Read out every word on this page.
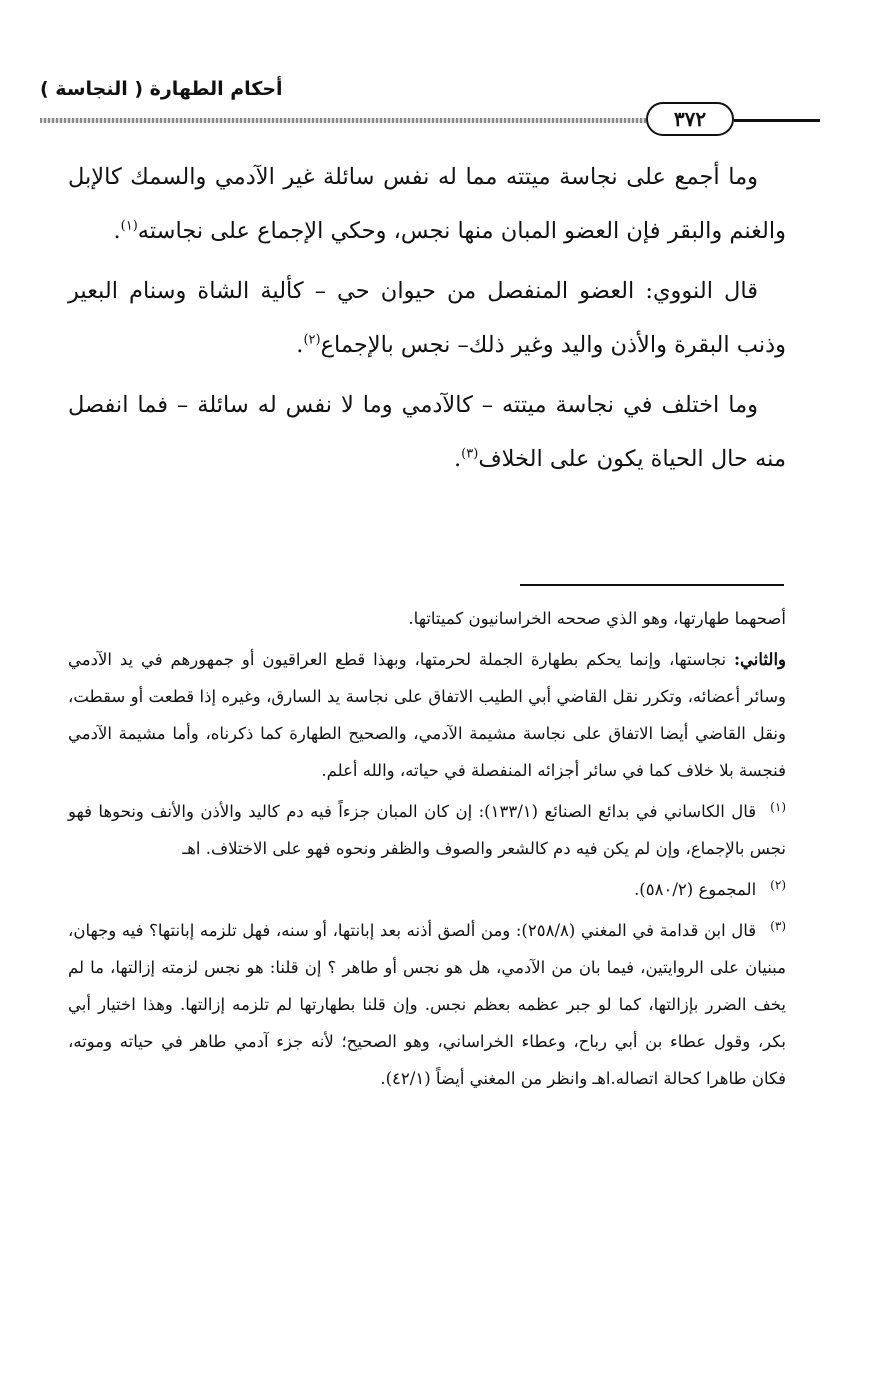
أحكام الطهارة ( النجاسة )
٣٧٢

وما أجمع على نجاسة ميتته مما له نفس سائلة غير الآدمي والسمك كالإبل والغنم والبقر فإن العضو المبان منها نجس، وحكي الإجماع على نجاسته$^{(١)}$.

قال النووي: العضو المنفصل من حيوان حي – كألية الشاة وسنام البعير وذنب البقرة والأذن واليد وغير ذلك– نجس بالإجماع$^{(٢)}$.

وما اختلف في نجاسة ميتته – كالآدمي وما لا نفس له سائلة – فما انفصل منه حال الحياة يكون على الخلاف$^{(٣)}$.

أصحهما طهارتها، وهو الذي صححه الخراسانيون كميتاتها.

والثاني: نجاستها، وإنما يحكم بطهارة الجملة لحرمتها، وبهذا قطع العراقيون أو جمهورهم في يد الآدمي وسائر أعضائه، وتكرر نقل القاضي أبي الطيب الاتفاق على نجاسة يد السارق، وغيره إذا قطعت أو سقطت، ونقل القاضي أيضا الاتفاق على نجاسة مشيمة الآدمي، والصحيح الطهارة كما ذكرناه، وأما مشيمة الآدمي فنجسة بلا خلاف كما في سائر أجزائه المنفصلة في حياته، والله أعلم.

$^{(١)}$قال الكاساني في بدائع الصنائع (١٣٣/١): إن كان المبان جزءاً فيه دم كاليد والأذن والأنف ونحوها فهو نجس بالإجماع، وإن لم يكن فيه دم كالشعر والصوف والظفر ونحوه فهو على الاختلاف. اهـ

$^{(٢)}$المجموع (٥٨٠/٢).

$^{(٣)}$قال ابن قدامة في المغني (٢٥٨/٨): ومن ألصق أذنه بعد إبانتها، أو سنه، فهل تلزمه إبانتها؟ فيه وجهان، مبنيان على الروايتين، فيما بان من الآدمي، هل هو نجس أو طاهر ؟ إن قلنا: هو نجس لزمته إزالتها، ما لم يخف الضرر بإزالتها، كما لو جبر عظمه بعظم نجس. وإن قلنا بطهارتها لم تلزمه إزالتها. وهذا اختيار أبي بكر، وقول عطاء بن أبي رباح، وعطاء الخراساني، وهو الصحيح؛ لأنه جزء آدمي طاهر في حياته وموته، فكان طاهرا كحالة اتصاله.اهـ وانظر من المغني أيضاً (٤٢/١).
